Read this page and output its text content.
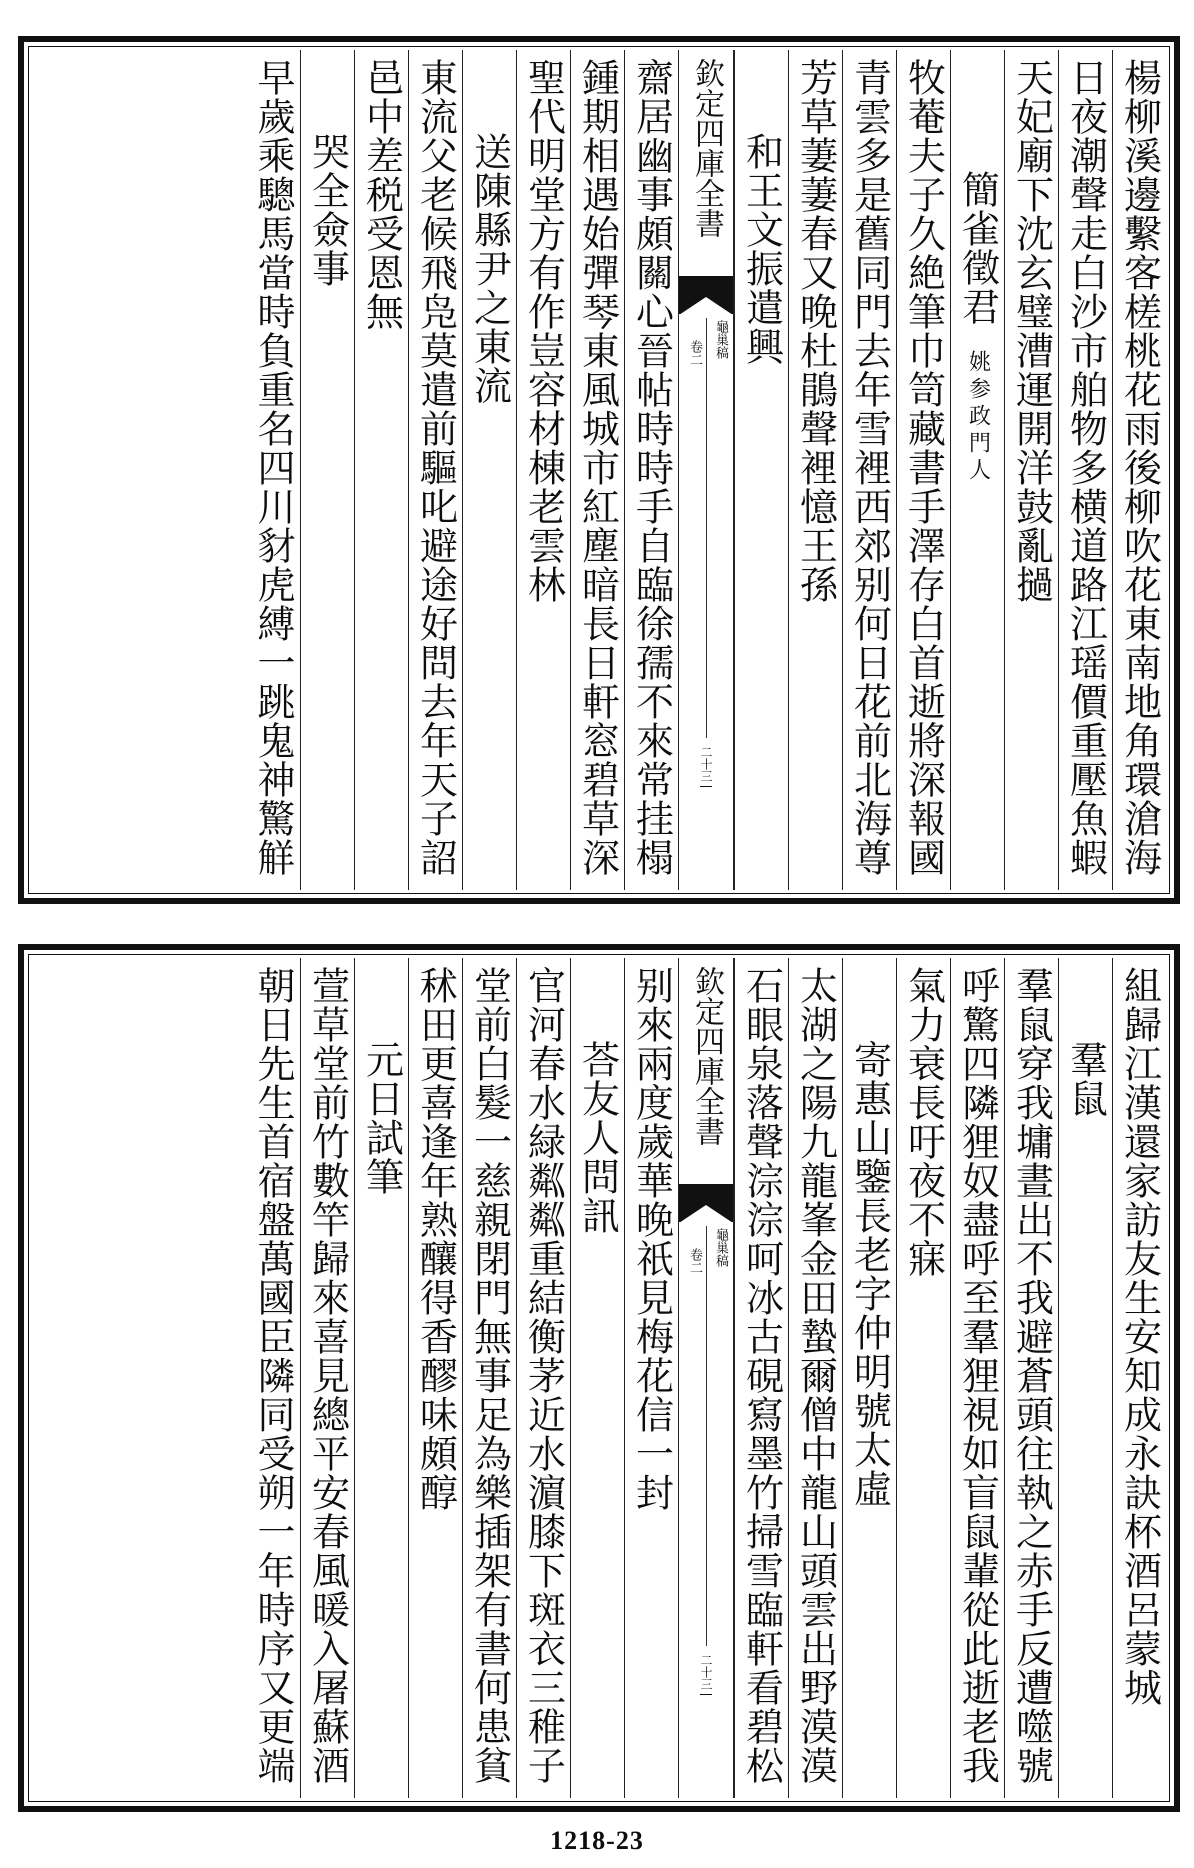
楊柳溪邊繫客槎桃花雨後柳吹花東南地角環滄海
日夜潮聲走白沙市舶物多横道路江瑶價重壓魚蝦
天妃廟下沈玄璧漕運開洋鼓亂撾
簡雀徵君
姚参政門人
牧菴夫子久絶筆巾笥藏書手澤存白首逝將深報國
青雲多是舊同門去年雪裡西郊别何日花前北海尊
芳草萋萋春又晚杜鵑聲裡憶王孫
和王文振遣興
欽定四庫全書
龜巢稿
卷二
二十三
齋居幽事頗關心晉帖時時手自臨徐孺不來常挂榻
鍾期相遇始彈琴東風城市紅塵暗長日軒窓碧草深
聖代明堂方有作豈容材棟老雲林
送陳縣尹之東流
東流父老候飛凫莫遣前驅叱避途好問去年天子詔
邑中差税受恩無
哭全僉事
早歲乘驄馬當時負重名四川豺虎縛一跳鬼神驚觧
組歸江漢還家訪友生安知成永訣杯酒呂蒙城
羣鼠
羣鼠穿我墉晝出不我避蒼頭往執之赤手反遭噬號
呼驚四隣狸奴盡呼至羣狸視如盲鼠輩從此逝老我
氣力衰長吁夜不寐
寄惠山鑒長老字仲明號太虛
太湖之陽九龍峯金田蟄爾僧中龍山頭雲出野漠漠
石眼泉落聲淙淙呵冰古硯寫墨竹掃雪臨軒看碧松
欽定四庫全書
龜巢稿
卷二
二十三
别來兩度歲華晚祇見梅花信一封
荅友人問訊
官河春水緑粼粼重結衡茅近水濵膝下斑衣三稚子
堂前白髮一慈親閉門無事足為樂插架有書何患貧
秫田更喜逢年熟釀得香醪味頗醇
元日試筆
萱草堂前竹數竿歸來喜見總平安春風暖入屠蘇酒
朝日先生首宿盤萬國臣隣同受朔一年時序又更端
1218-23
